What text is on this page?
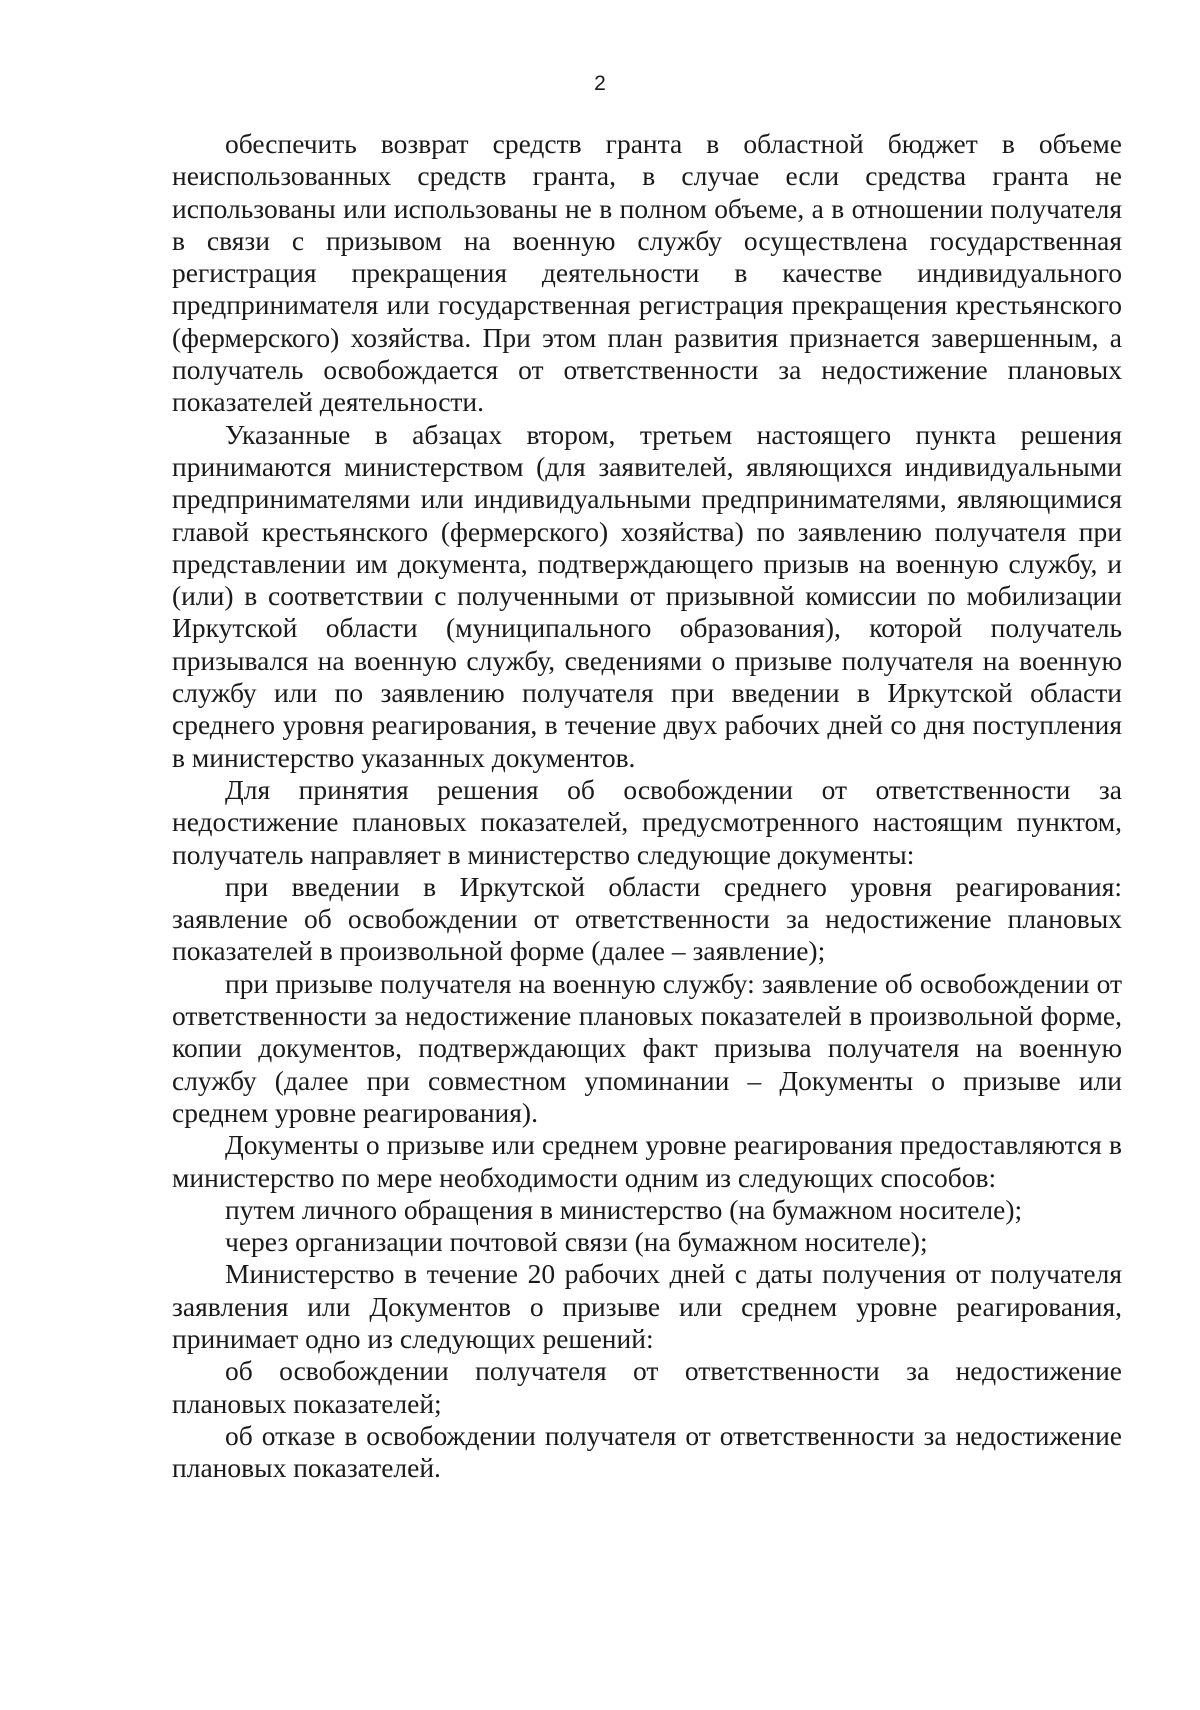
2

обеспечить возврат средств гранта в областной бюджет в объеме неиспользованных средств гранта, в случае если средства гранта не использованы или использованы не в полном объеме, а в отношении получателя в связи с призывом на военную службу осуществлена государственная регистрация прекращения деятельности в качестве индивидуального предпринимателя или государственная регистрация прекращения крестьянского (фермерского) хозяйства. При этом план развития признается завершенным, а получатель освобождается от ответственности за недостижение плановых показателей деятельности.

Указанные в абзацах втором, третьем настоящего пункта решения принимаются министерством (для заявителей, являющихся индивидуальными предпринимателями или индивидуальными предпринимателями, являющимися главой крестьянского (фермерского) хозяйства) по заявлению получателя при представлении им документа, подтверждающего призыв на военную службу, и (или) в соответствии с полученными от призывной комиссии по мобилизации Иркутской области (муниципального образования), которой получатель призывался на военную службу, сведениями о призыве получателя на военную службу или по заявлению получателя при введении в Иркутской области среднего уровня реагирования, в течение двух рабочих дней со дня поступления в министерство указанных документов.

Для принятия решения об освобождении от ответственности за недостижение плановых показателей, предусмотренного настоящим пунктом, получатель направляет в министерство следующие документы:

при введении в Иркутской области среднего уровня реагирования: заявление об освобождении от ответственности за недостижение плановых показателей в произвольной форме (далее – заявление);

при призыве получателя на военную службу: заявление об освобождении от ответственности за недостижение плановых показателей в произвольной форме, копии документов, подтверждающих факт призыва получателя на военную службу (далее при совместном упоминании – Документы о призыве или среднем уровне реагирования).

Документы о призыве или среднем уровне реагирования предоставляются в министерство по мере необходимости одним из следующих способов:

путем личного обращения в министерство (на бумажном носителе);

через организации почтовой связи (на бумажном носителе);

Министерство в течение 20 рабочих дней с даты получения от получателя заявления или Документов о призыве или среднем уровне реагирования, принимает одно из следующих решений:

об освобождении получателя от ответственности за недостижение плановых показателей;

об отказе в освобождении получателя от ответственности за недостижение плановых показателей.
